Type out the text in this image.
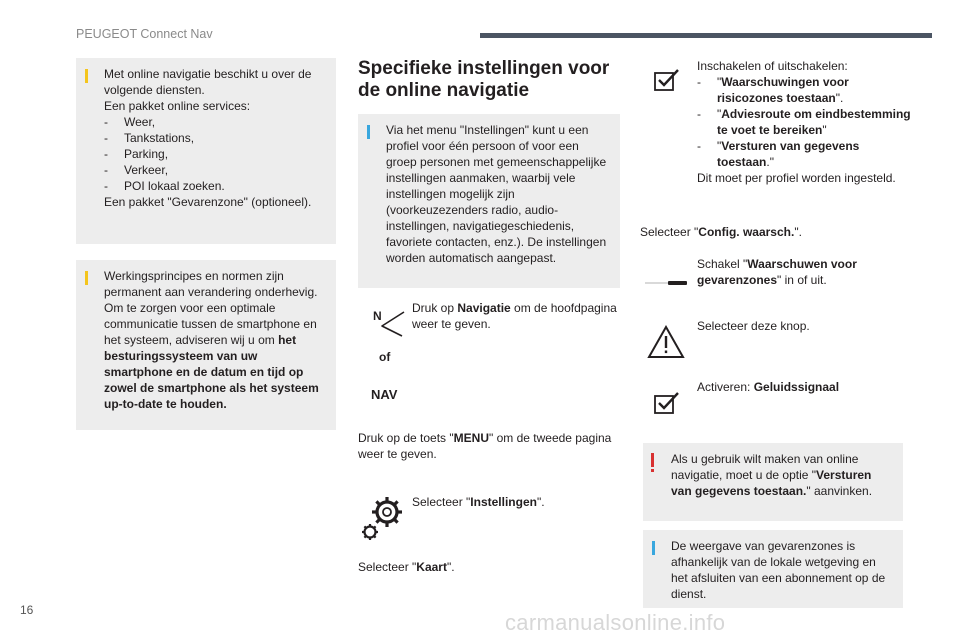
PEUGEOT Connect Nav
Met online navigatie beschikt u over de volgende diensten.
Een pakket online services:
-	Weer,
-	Tankstations,
-	Parking,
-	Verkeer,
-	POI lokaal zoeken.
Een pakket "Gevarenzone" (optioneel).
Werkingsprincipes en normen zijn permanent aan verandering onderhevig. Om te zorgen voor een optimale communicatie tussen de smartphone en het systeem, adviseren wij u om het besturingssysteem van uw smartphone en de datum en tijd op zowel de smartphone als het systeem up-to-date te houden.
Specifieke instellingen voor de online navigatie
Via het menu "Instellingen" kunt u een profiel voor één persoon of voor een groep personen met gemeenschappelijke instellingen aanmaken, waarbij vele instellingen mogelijk zijn (voorkeuzezenders radio, audio-instellingen, navigatiegeschiedenis, favoriete contacten, enz.). De instellingen worden automatisch aangepast.
N
Druk op Navigatie om de hoofdpagina weer te geven.
of
NAV
Druk op de toets "MENU" om de tweede pagina weer te geven.
Selecteer "Instellingen".
Selecteer "Kaart".
Inschakelen of uitschakelen:
-	"Waarschuwingen voor risicozones toestaan".
-	"Adviesroute om eindbestemming te voet te bereiken"
-	"Versturen van gegevens toestaan."
Dit moet per profiel worden ingesteld.
Selecteer "Config. waarsch.".
Schakel "Waarschuwen voor gevarenzones" in of uit.
Selecteer deze knop.
Activeren: Geluidssignaal
Als u gebruik wilt maken van online navigatie, moet u de optie "Versturen van gegevens toestaan." aanvinken.
De weergave van gevarenzones is afhankelijk van de lokale wetgeving en het afsluiten van een abonnement op de dienst.
16	carmanualsonline.info
